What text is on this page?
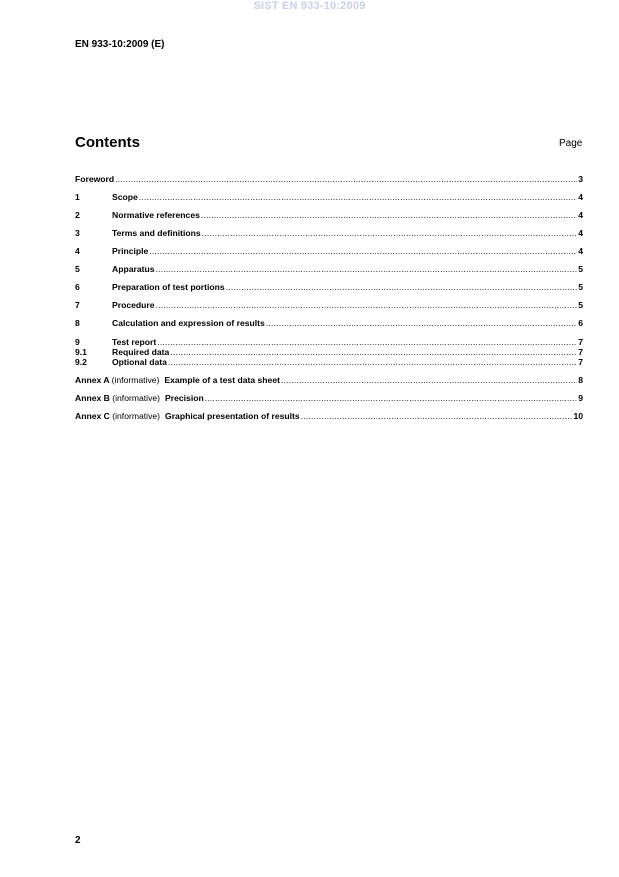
SIST EN 933-10:2009
EN 933-10:2009 (E)
Contents	Page
Foreword .....	3
1	Scope .....	4
2	Normative references .....	4
3	Terms and definitions .....	4
4	Principle .....	4
5	Apparatus .....	5
6	Preparation of test portions .....	5
7	Procedure .....	5
8	Calculation and expression of results .....	6
9	Test report .....	7
9.1	Required data .....	7
9.2	Optional data .....	7
Annex A (informative) Example of a test data sheet .....	8
Annex B (informative) Precision .....	9
Annex C (informative) Graphical presentation of results .....	10
2
